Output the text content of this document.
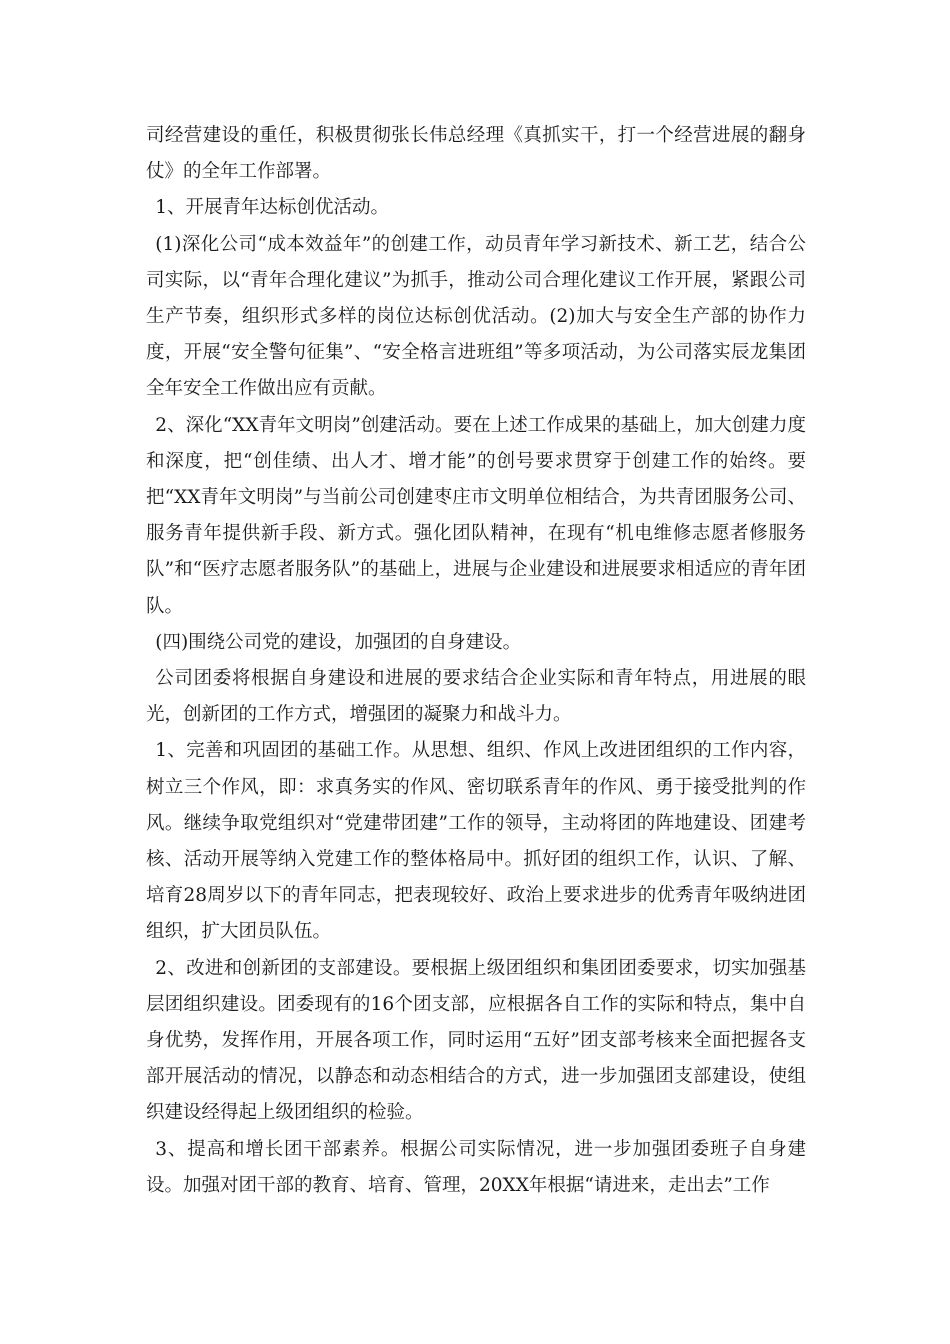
司经营建设的重任，积极贯彻张长伟总经理《真抓实干，打一个经营进展的翻身仗》的全年工作部署。

1、开展青年达标创优活动。

(1)深化公司“成本效益年”的创建工作，动员青年学习新技术、新工艺，结合公司实际，以“青年合理化建议”为抓手，推动公司合理化建议工作开展，紧跟公司生产节奏，组织形式多样的岗位达标创优活动。(2)加大与安全生产部的协作力度，开展“安全警句征集”、“安全格言进班组”等多项活动，为公司落实辰龙集团全年安全工作做出应有贡献。

2、深化“XX青年文明岗”创建活动。要在上述工作成果的基础上，加大创建力度和深度，把“创佳绩、出人才、增才能”的创号要求贯穿于创建工作的始终。要把“XX青年文明岗”与当前公司创建枣庄市文明单位相结合，为共青团服务公司、服务青年提供新手段、新方式。强化团队精神，在现有“机电维修志愿者修服务队”和“医疗志愿者服务队”的基础上，进展与企业建设和进展要求相适应的青年团队。

(四)围绕公司党的建设，加强团的自身建设。

公司团委将根据自身建设和进展的要求结合企业实际和青年特点，用进展的眼光，创新团的工作方式，增强团的凝聚力和战斗力。

1、完善和巩固团的基础工作。从思想、组织、作风上改进团组织的工作内容，树立三个作风，即：求真务实的作风、密切联系青年的作风、勇于接受批判的作风。继续争取党组织对“党建带团建”工作的领导，主动将团的阵地建设、团建考核、活动开展等纳入党建工作的整体格局中。抓好团的组织工作，认识、了解、培育28周岁以下的青年同志，把表现较好、政治上要求进步的优秀青年吸纳进团组织，扩大团员队伍。

2、改进和创新团的支部建设。要根据上级团组织和集团团委要求，切实加强基层团组织建设。团委现有的16个团支部，应根据各自工作的实际和特点，集中自身优势，发挥作用，开展各项工作，同时运用“五好”团支部考核来全面把握各支部开展活动的情况，以静态和动态相结合的方式，进一步加强团支部建设，使组织建设经得起上级团组织的检验。

3、提高和增长团干部素养。根据公司实际情况，进一步加强团委班子自身建设。加强对团干部的教育、培育、管理，20XX年根据“请进来，走出去”工作
